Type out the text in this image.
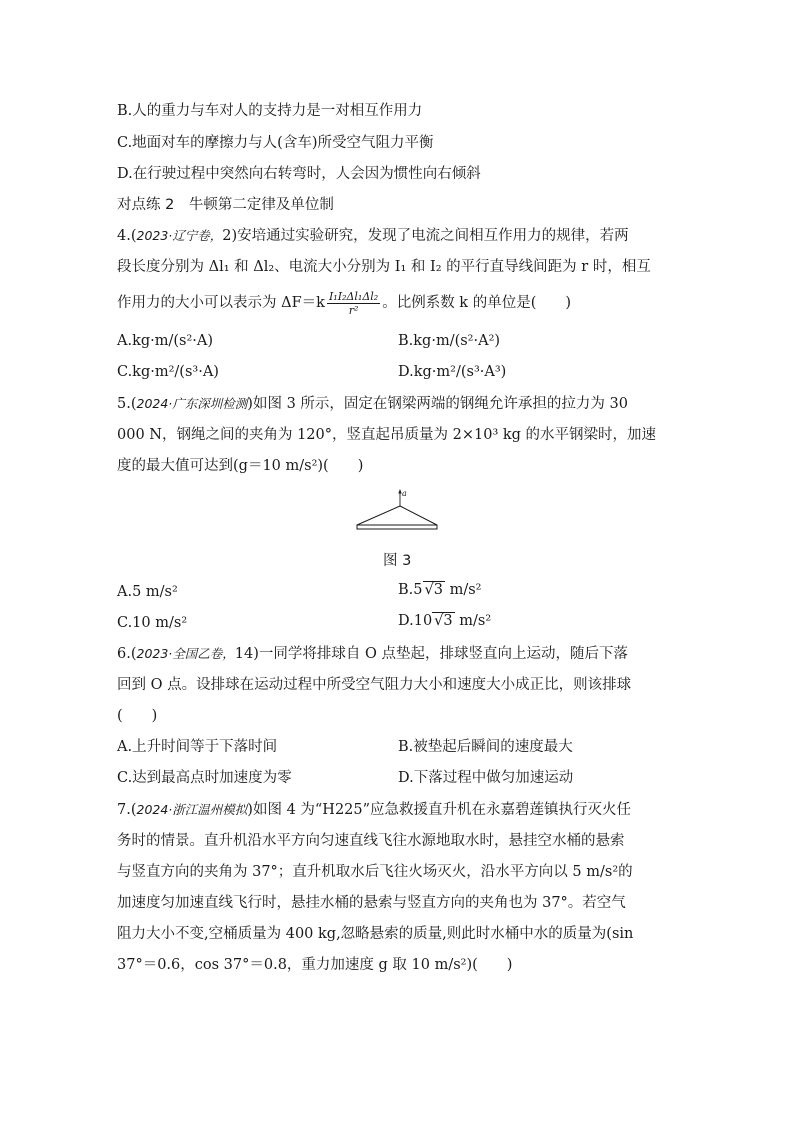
B.人的重力与车对人的支持力是一对相互作用力
C.地面对车的摩擦力与人(含车)所受空气阻力平衡
D.在行驶过程中突然向右转弯时，人会因为惯性向右倾斜
对点练 2　牛顿第二定律及单位制
4.(2023·辽宁卷，2)安培通过实验研究，发现了电流之间相互作用力的规律，若两
段长度分别为 Δl₁ 和 Δl₂、电流大小分别为 I₁ 和 I₂ 的平行直导线间距为 r 时，相互
作用力的大小可以表示为 $\Delta F=k \frac{\text{I₁I₂Δl₁Δl₂}}{\text{r²}}$ 。比例系数 k 的单位是(　　)
A.kg·m/(s²·A)	B.kg·m/(s²·A²)
C.kg·m²/(s³·A)	D.kg·m²/(s³·A³)
5.(2024·广东深圳检测)如图 3 所示，固定在钢梁两端的钢绳允许承担的拉力为 30
000 N，钢绳之间的夹角为 120°，竖直起吊质量为 2×10³ kg 的水平钢梁时，加速
度的最大值可达到(g＝10 m/s²)(　　)
a
图 3
A.5 m/s²	B.5 √3 m/s²
C.10 m/s²	D.10 √3 m/s²
6.(2023·全国乙卷，14)一同学将排球自 O 点垫起，排球竖直向上运动，随后下落
回到 O 点。设排球在运动过程中所受空气阻力大小和速度大小成正比，则该排球
(　　)
A.上升时间等于下落时间	B.被垫起后瞬间的速度最大
C.达到最高点时加速度为零	D.下落过程中做匀加速运动
7.(2024·浙江温州模拟)如图 4 为“H225”应急救援直升机在永嘉碧莲镇执行灭火任
务时的情景。直升机沿水平方向匀速直线飞往水源地取水时，悬挂空水桶的悬索
与竖直方向的夹角为 37°；直升机取水后飞往火场灭火，沿水平方向以 5 m/s²的
加速度匀加速直线飞行时，悬挂水桶的悬索与竖直方向的夹角也为 37°。若空气
阻力大小不变,空桶质量为 400 kg,忽略悬索的质量,则此时水桶中水的质量为(sin
37°＝0.6，cos 37°＝0.8，重力加速度 g 取 10 m/s²)(　　)
